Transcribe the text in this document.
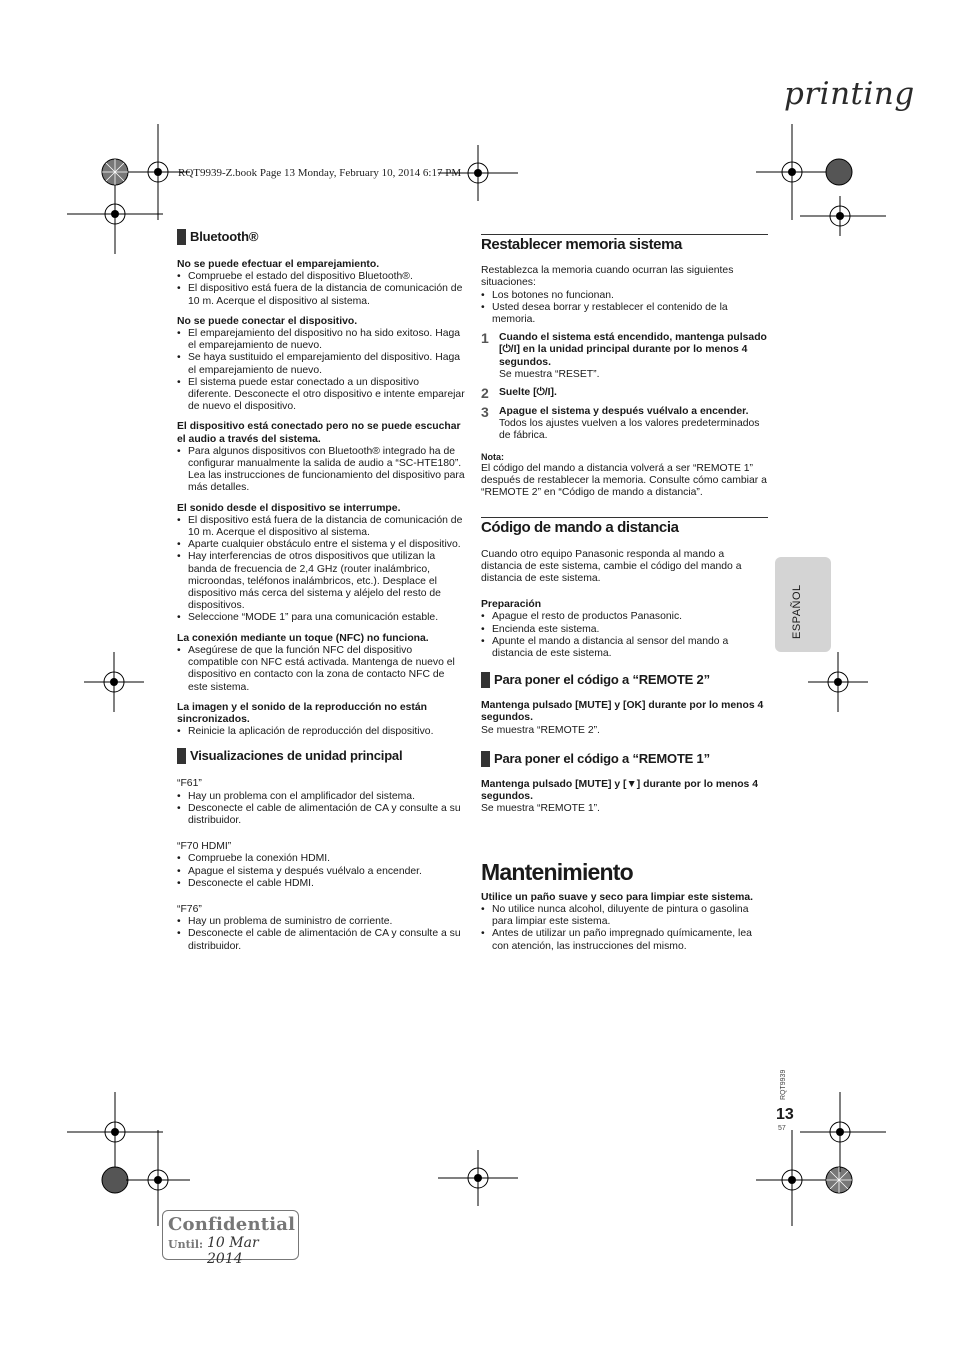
printing
RQT9939-Z.book Page 13 Monday, February 10, 2014 6:17 PM
Bluetooth®

No se puede efectuar el emparejamiento.

• Compruebe el estado del dispositivo Bluetooth®.
• El dispositivo está fuera de la distancia de comunicación de 10 m. Acerque el dispositivo al sistema.

No se puede conectar el dispositivo.

• El emparejamiento del dispositivo no ha sido exitoso. Haga el emparejamiento de nuevo.
• Se haya sustituido el emparejamiento del dispositivo. Haga el emparejamiento de nuevo.
• El sistema puede estar conectado a un dispositivo diferente. Desconecte el otro dispositivo e intente emparejar de nuevo el dispositivo.

El dispositivo está conectado pero no se puede escuchar el audio a través del sistema.

• Para algunos dispositivos con Bluetooth® integrado ha de configurar manualmente la salida de audio a “SC-HTE180”. Lea las instrucciones de funcionamiento del dispositivo para más detalles.

El sonido desde el dispositivo se interrumpe.

• El dispositivo está fuera de la distancia de comunicación de 10 m. Acerque el dispositivo al sistema.
• Aparte cualquier obstáculo entre el sistema y el dispositivo.
• Hay interferencias de otros dispositivos que utilizan la banda de frecuencia de 2,4 GHz (router inalámbrico, microondas, teléfonos inalámbricos, etc.). Desplace el dispositivo más cerca del sistema y aléjelo del resto de dispositivos.
• Seleccione “MODE 1” para una comunicación estable.

La conexión mediante un toque (NFC) no funciona.

• Asegúrese de que la función NFC del dispositivo compatible con NFC está activada. Mantenga de nuevo el dispositivo en contacto con la zona de contacto NFC de este sistema.

La imagen y el sonido de la reproducción no están sincronizados.

• Reinicie la aplicación de reproducción del dispositivo.
Visualizaciones de unidad principal

“F61”

• Hay un problema con el amplificador del sistema.
• Desconecte el cable de alimentación de CA y consulte a su distribuidor.

“F70 HDMI”

• Compruebe la conexión HDMI.
• Apague el sistema y después vuélvalo a encender.
• Desconecte el cable HDMI.

“F76”

• Hay un problema de suministro de corriente.
• Desconecte el cable de alimentación de CA y consulte a su distribuidor.
Restablecer memoria sistema

Restablezca la memoria cuando ocurran las siguientes situaciones:

• Los botones no funcionan.
• Usted desea borrar y restablecer el contenido de la memoria.
1 Cuando el sistema está encendido, mantenga pulsado [⏻/I] en la unidad principal durante por lo menos 4 segundos.

Se muestra “RESET”.

2 Suelte [⏻/I].

3 Apague el sistema y después vuélvalo a encender.

Todos los ajustes vuelven a los valores predeterminados de fábrica.

Nota:

El código del mando a distancia volverá a ser “REMOTE 1” después de restablecer la memoria. Consulte cómo cambiar a “REMOTE 2” en “Código de mando a distancia”.

Código de mando a distancia

Cuando otro equipo Panasonic responda al mando a distancia de este sistema, cambie el código del mando a distancia de este sistema.

Preparación

• Apague el resto de productos Panasonic.
• Encienda este sistema.
• Apunte el mando a distancia al sensor del mando a distancia de este sistema.
Para poner el código a “REMOTE 2”

Mantenga pulsado [MUTE] y [OK] durante por lo menos 4 segundos.

Se muestra “REMOTE 2”.

Para poner el código a “REMOTE 1”

Mantenga pulsado [MUTE] y [▼] durante por lo menos 4 segundos.

Se muestra “REMOTE 1”.

Mantenimiento

Utilice un paño suave y seco para limpiar este sistema.

• No utilice nunca alcohol, diluyente de pintura o gasolina para limpiar este sistema.
• Antes de utilizar un paño impregnado químicamente, lea con atención, las instrucciones del mismo.
ESPAÑOL
RQT9939
13
57
Confidential
Until: 10 Mar 2014
